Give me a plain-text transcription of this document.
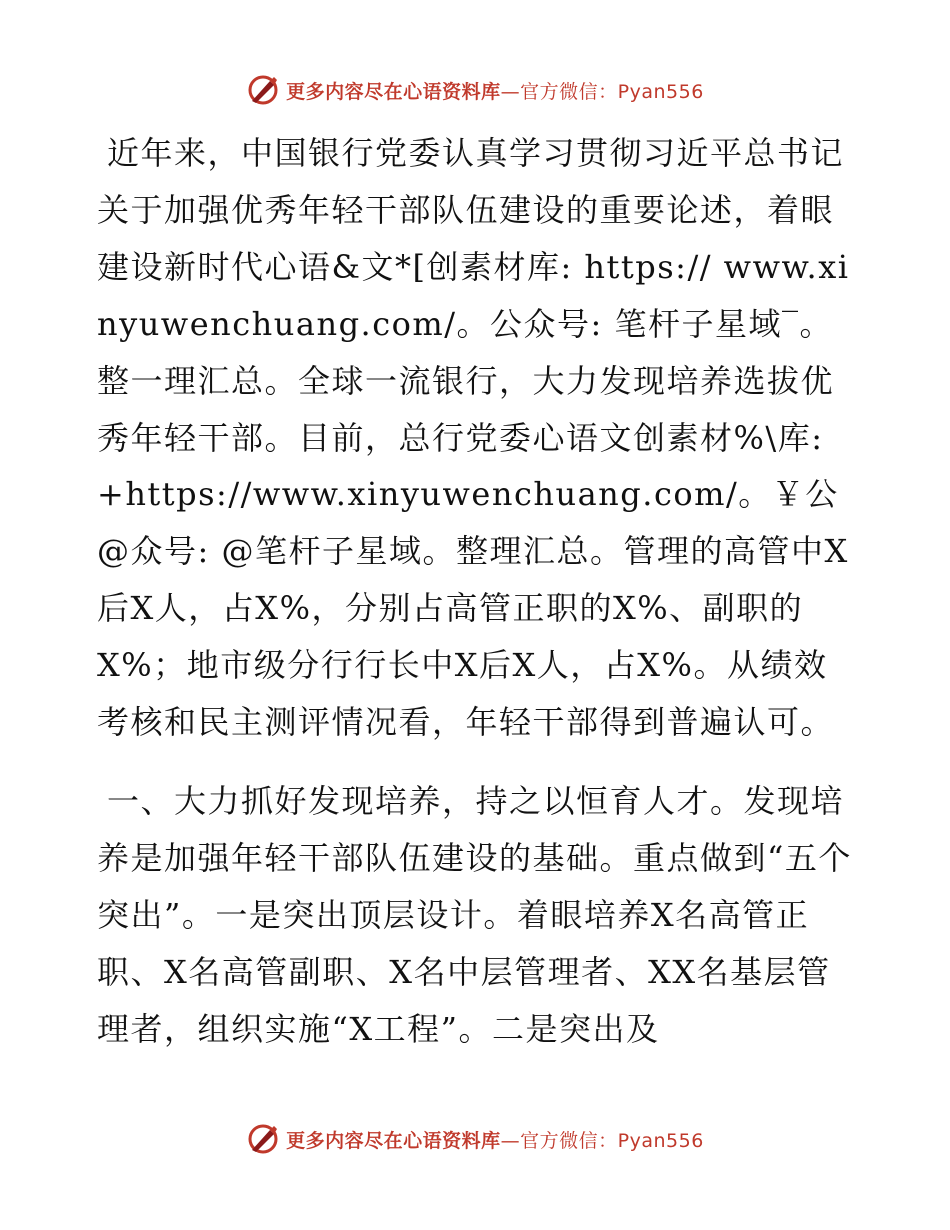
更多内容尽在心语资料库—官方微信：Pyan556

近年来，中国银行党委认真学习贯彻习近平总书记关于加强优秀年轻干部队伍建设的重要论述，着眼建设新时代心语&文*[创素材库: https:// www.xinyuwenchuang.com/。公众号: 笔杆子星域‾。整一理汇总。全球一流银行，大力发现培养选拔优秀年轻干部。目前，总行党委心语文创素材%\库: +https://www.xinyuwenchuang.com/。￥公@众号: @笔杆子星域。整理汇总。管理的高管中X后X人，占X%，分别占高管正职的X%、副职的X%；地市级分行行长中X后X人，占X%。从绩效考核和民主测评情况看，年轻干部得到普遍认可。

一、大力抓好发现培养，持之以恒育人才。发现培养是加强年轻干部队伍建设的基础。重点做到“五个突出”。一是突出顶层设计。着眼培养X名高管正职、X名高管副职、X名中层管理者、XX名基层管理者，组织实施“X工程”。二是突出及

更多内容尽在心语资料库—官方微信：Pyan556
